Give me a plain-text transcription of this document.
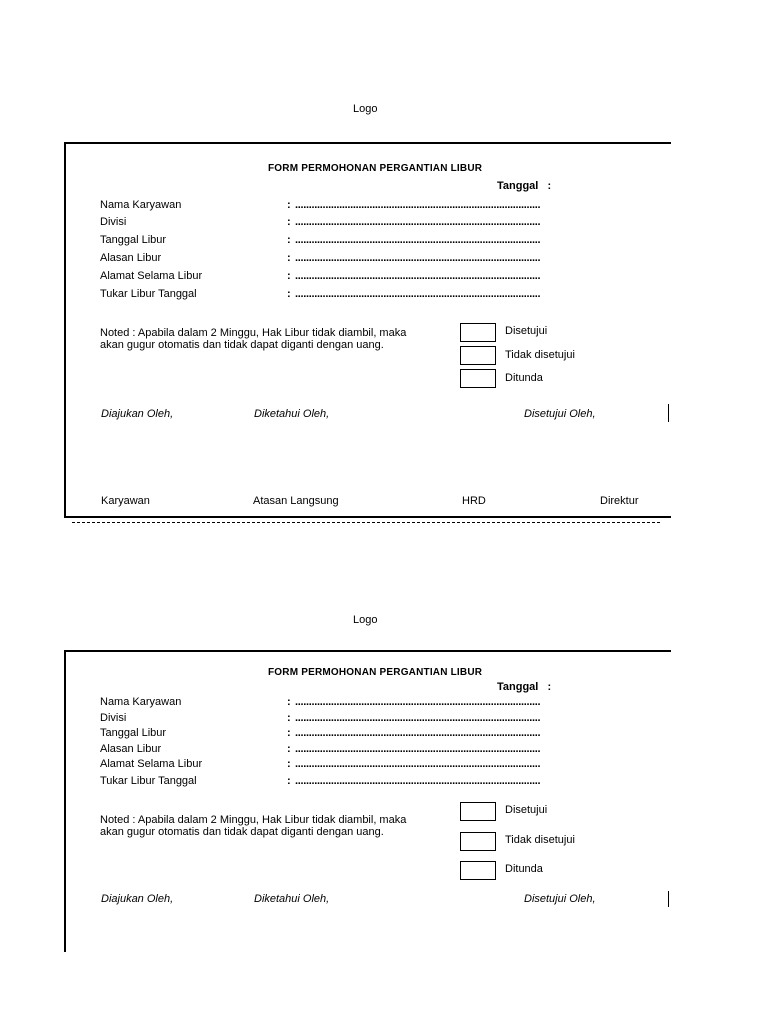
Logo
FORM PERMOHONAN PERGANTIAN LIBUR
Tanggal   :
Nama Karyawan	: .........................................................................................
Divisi	: .........................................................................................
Tanggal Libur	: .........................................................................................
Alasan Libur	: .........................................................................................
Alamat Selama Libur	: .........................................................................................
Tukar Libur Tanggal	: .........................................................................................
Noted : Apabila dalam 2 Minggu, Hak Libur tidak diambil, maka akan gugur otomatis dan tidak dapat diganti dengan uang.
Disetujui
Tidak disetujui
Ditunda
Diajukan Oleh,	Diketahui Oleh,	Disetujui Oleh,
Karyawan	Atasan Langsung	HRD	Direktur
Logo
FORM PERMOHONAN PERGANTIAN LIBUR
Tanggal   :
Nama Karyawan	: .........................................................................................
Divisi	: .........................................................................................
Tanggal Libur	: .........................................................................................
Alasan Libur	: .........................................................................................
Alamat Selama Libur	: .........................................................................................
Tukar Libur Tanggal	: .........................................................................................
Noted : Apabila dalam 2 Minggu, Hak Libur tidak diambil, maka akan gugur otomatis dan tidak dapat diganti dengan uang.
Disetujui
Tidak disetujui
Ditunda
Diajukan Oleh,	Diketahui Oleh,	Disetujui Oleh,
